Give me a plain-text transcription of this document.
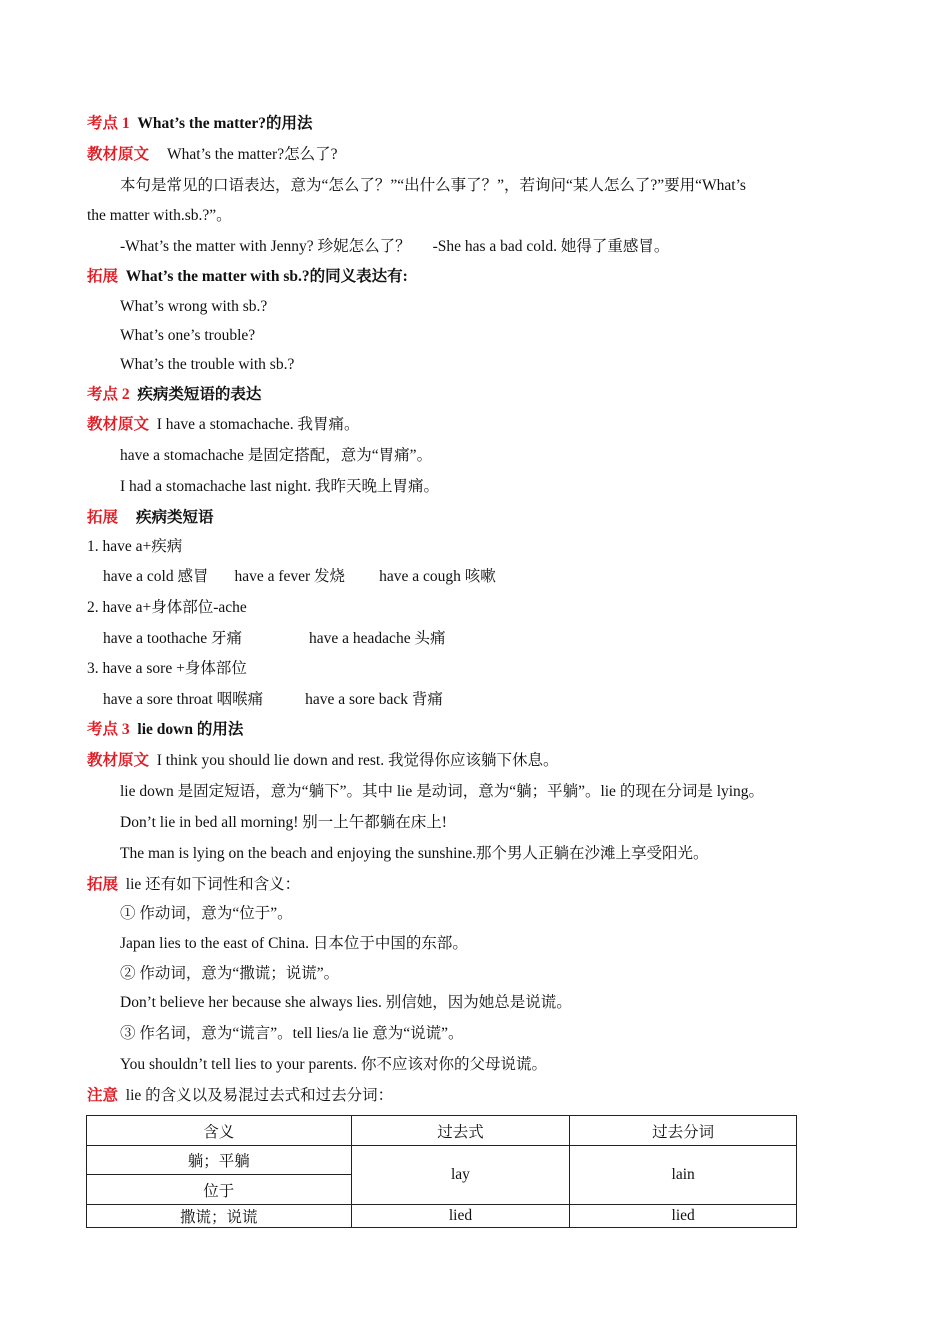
考点 1 What’s the matter?的用法
教材原文 What’s the matter?怎么了?
本句是常见的口语表达，意为“怎么了？”“出什么事了？”，若询问“某人怎么了?”要用“What’s
the matter with.sb.?”。
-What’s the matter with Jenny? 珍妮怎么了？ -She has a bad cold. 她得了重感冒。
拓展 What’s the matter with sb.?的同义表达有:
What’s wrong with sb.?
What’s one’s trouble?
What’s the trouble with sb.?
考点 2 疾病类短语的表达
教材原文 I have a stomachache. 我胃痛。
have a stomachache 是固定搭配，意为“胃痛”。
I had a stomachache last night. 我昨天晚上胃痛。
拓展 疾病类短语
1. have a+疾病
have a cold 感冒 have a fever 发烧 have a cough 咳嗽
2. have a+身体部位-ache
have a toothache 牙痛	have a headache 头痛
3. have a sore +身体部位
have a sore throat 咽喉痛	have a sore back 背痛
考点 3 lie down 的用法
教材原文 I think you should lie down and rest. 我觉得你应该躺下休息。
lie down 是固定短语，意为“躺下”。其中 lie 是动词，意为“躺；平躺”。lie 的现在分词是 lying。
Don’t lie in bed all morning! 别一上午都躺在床上!
The man is lying on the beach and enjoying the sunshine.那个男人正躺在沙滩上享受阳光。
拓展 lie 还有如下词性和含义：
① 作动词，意为“位于”。
Japan lies to the east of China. 日本位于中国的东部。
② 作动词，意为“撒谎；说谎”。
Don’t believe her because she always lies. 别信她，因为她总是说谎。
③ 作名词，意为“谎言”。tell lies/a lie 意为“说谎”。
You shouldn’t tell lies to your parents. 你不应该对你的父母说谎。
注意 lie 的含义以及易混过去式和过去分词：
含义	过去式	过去分词
躺；平躺	lay	lain
位于		
撒谎；说谎	lied	lied
